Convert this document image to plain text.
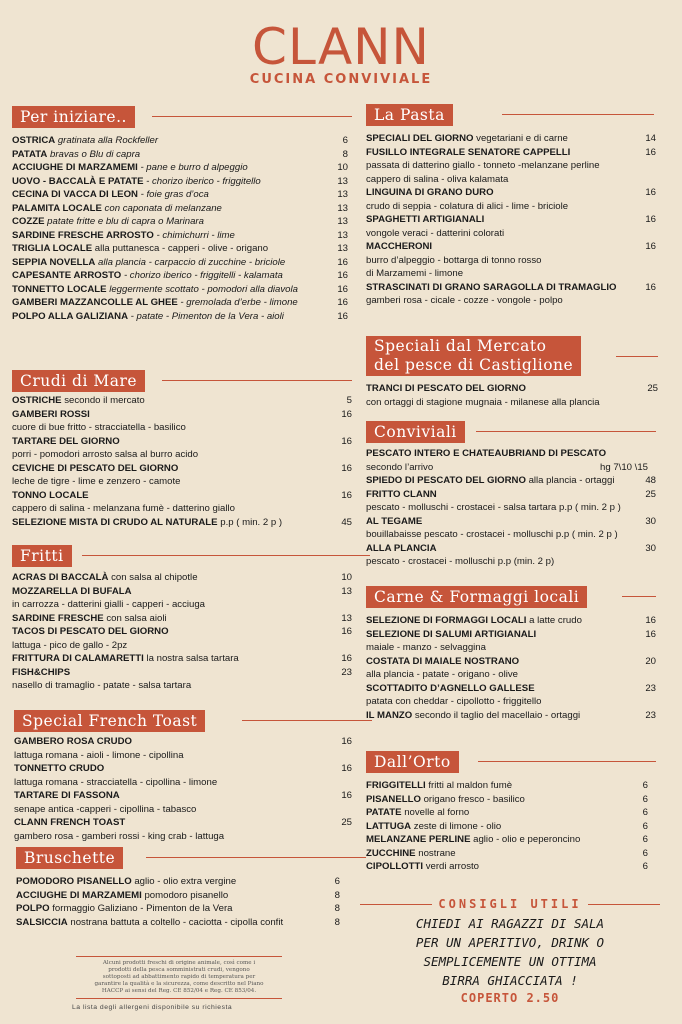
CLANN
CUCINA CONVIVIALE
Per iniziare..
OSTRICA gratinata alla Rockfeller	6
PATATA bravas o Blu di capra	8
ACCIUGHE DI MARZAMEMI - pane e burro d alpeggio	10
UOVO - BACCALÀ E PATATE - chorizo iberico - friggitello	13
CECINA DI VACCA DI LEON - foie gras d’oca	13
PALAMITA LOCALE con caponata di melanzane	13
COZZE patate fritte e blu di capra o Marinara	13
SARDINE FRESCHE ARROSTO - chimichurri - lime	13
TRIGLIA LOCALE alla puttanesca - capperi - olive - origano	13
SEPPIA NOVELLA alla plancia - carpaccio di zucchine - briciole	16
CAPESANTE ARROSTO - chorizo iberico - friggitelli - kalamata	16
TONNETTO LOCALE leggermente scottato - pomodori alla diavola	16
GAMBERI MAZZANCOLLE AL GHEE - gremolada d’erbe - limone	16
POLPO ALLA GALIZIANA - patate - Pimenton de la Vera - aioli	16
Crudi di Mare
OSTRICHE secondo il mercato	5
GAMBERI ROSSI	16
cuore di bue fritto - stracciatella - basilico
TARTARE DEL GIORNO	16
porri - pomodori arrosto salsa al burro acido
CEVICHE DI PESCATO DEL GIORNO	16
leche de tigre - lime e zenzero - camote
TONNO LOCALE	16
cappero di salina - melanzana fumè - datterino giallo
SELEZIONE MISTA DI CRUDO AL NATURALE p.p ( min. 2 p )	45
Fritti
ACRAS DI BACCALÀ con salsa al chipotle	10
MOZZARELLA DI BUFALA	13
in carrozza - datterini gialli - capperi - acciuga
SARDINE FRESCHE con salsa aioli	13
TACOS DI PESCATO DEL GIORNO	16
lattuga - pico de gallo - 2pz
FRITTURA DI CALAMARETTI la nostra salsa tartara	16
FISH&CHIPS	23
nasello di tramaglio - patate - salsa tartara
Special French Toast
GAMBERO ROSA CRUDO	16
lattuga romana - aioli - limone - cipollina
TONNETTO CRUDO	16
lattuga romana - stracciatella - cipollina - limone
TARTARE DI FASSONA	16
senape antica -capperi - cipollina - tabasco
CLANN FRENCH TOAST	25
gambero rosa - gamberi rossi - king crab - lattuga
Bruschette
POMODORO PISANELLO aglio - olio extra vergine	6
ACCIUGHE DI MARZAMEMI pomodoro pisanello	8
POLPO formaggio Galiziano - Pimenton de la Vera	8
SALSICCIA nostrana battuta a coltello - caciotta - cipolla confit	8
Alcuni prodotti freschi di origine animale, così come i
prodotti della pesca somministrati crudi, vengono
sottoposti ad abbattimento rapido di temperatura per
garantire la qualità e la sicurezza, come descritto nel Piano
HACCP ai sensi del Reg. CE 852/04 e Reg. CE 853/04.
La lista degli allergeni disponibile su richiesta
La Pasta
SPECIALI DEL GIORNO vegetariani e di carne	14
FUSILLO INTEGRALE SENATORE CAPPELLI	16
passata di datterino giallo - tonneto -melanzane perline
cappero di salina - oliva kalamata
LINGUINA DI GRANO DURO	16
crudo di seppia - colatura di alici - lime - briciole
SPAGHETTI ARTIGIANALI	16
vongole veraci - datterini colorati
MACCHERONI	16
burro d’alpeggio - bottarga di tonno rosso
di Marzamemi - limone
STRASCINATI DI GRANO SARAGOLLA DI TRAMAGLIO	16
gamberi rosa - cicale - cozze - vongole - polpo
Speciali dal Mercato
del pesce di Castiglione
TRANCI DI PESCATO DEL GIORNO	25
con ortaggi di stagione mugnaia - milanese alla plancia
Conviviali
PESCATO INTERO E CHATEAUBRIAND DI PESCATO
secondo l’arrivo	hg 7\10 \15
SPIEDO DI PESCATO DEL GIORNO alla plancia - ortaggi	48
FRITTO CLANN	25
pescato - molluschi - crostacei - salsa tartara p.p ( min. 2 p )
AL TEGAME	30
bouillabaisse pescato - crostacei - molluschi p.p ( min. 2 p )
ALLA PLANCIA	30
pescato - crostacei - molluschi p.p (min. 2 p)
Carne & Formaggi locali
SELEZIONE DI FORMAGGI LOCALI a latte crudo	16
SELEZIONE DI SALUMI ARTIGIANALI	16
maiale - manzo - selvaggina
COSTATA DI MAIALE NOSTRANO	20
alla plancia - patate - origano - olive
SCOTTADITO D’AGNELLO GALLESE	23
patata con cheddar - cipollotto - friggitello
IL MANZO secondo il taglio del macellaio - ortaggi	23
Dall’Orto
FRIGGITELLI fritti al maldon fumè	6
PISANELLO origano fresco - basilico	6
PATATE novelle al forno	6
LATTUGA zeste di limone - olio	6
MELANZANE PERLINE aglio - olio e peperoncino	6
ZUCCHINE nostrane	6
CIPOLLOTTI verdi arrosto	6
CONSIGLI UTILI
CHIEDI AI RAGAZZI DI SALA
PER UN APERITIVO, DRINK O
SEMPLICEMENTE UN OTTIMA
BIRRA GHIACCIATA !
COPERTO 2.50
